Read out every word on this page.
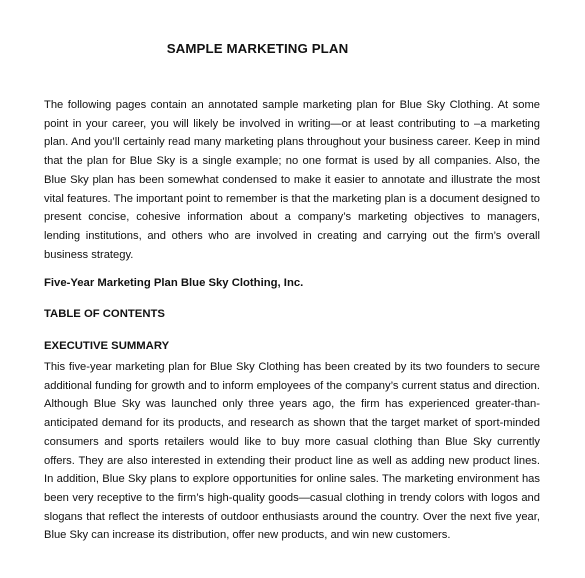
SAMPLE MARKETING PLAN

The following pages contain an annotated sample marketing plan for Blue Sky Clothing. At some point in your career, you will likely be involved in writing—or at least contributing to –a marketing plan. And you’ll certainly read many marketing plans throughout your business career. Keep in mind that the plan for Blue Sky is a single example; no one format is used by all companies. Also, the Blue Sky plan has been somewhat condensed to make it easier to annotate and illustrate the most vital features. The important point to remember is that the marketing plan is a document designed to present concise, cohesive information about a company’s marketing objectives to managers, lending institutions, and others who are involved in creating and carrying out the firm’s overall business strategy.

Five-Year Marketing Plan Blue Sky Clothing, Inc.
TABLE OF CONTENTS
EXECUTIVE SUMMARY

This five-year marketing plan for Blue Sky Clothing has been created by its two founders to secure additional funding for growth and to inform employees of the company’s current status and direction. Although Blue Sky was launched only three years ago, the firm has experienced greater-than-anticipated demand for its products, and research as shown that the target market of sport-minded consumers and sports retailers would like to buy more casual clothing than Blue Sky currently offers. They are also interested in extending their product line as well as adding new product lines. In addition, Blue Sky plans to explore opportunities for online sales. The marketing environment has been very receptive to the firm’s high-quality goods—casual clothing in trendy colors with logos and slogans that reflect the interests of outdoor enthusiasts around the country. Over the next five year, Blue Sky can increase its distribution, offer new products, and win new customers.
